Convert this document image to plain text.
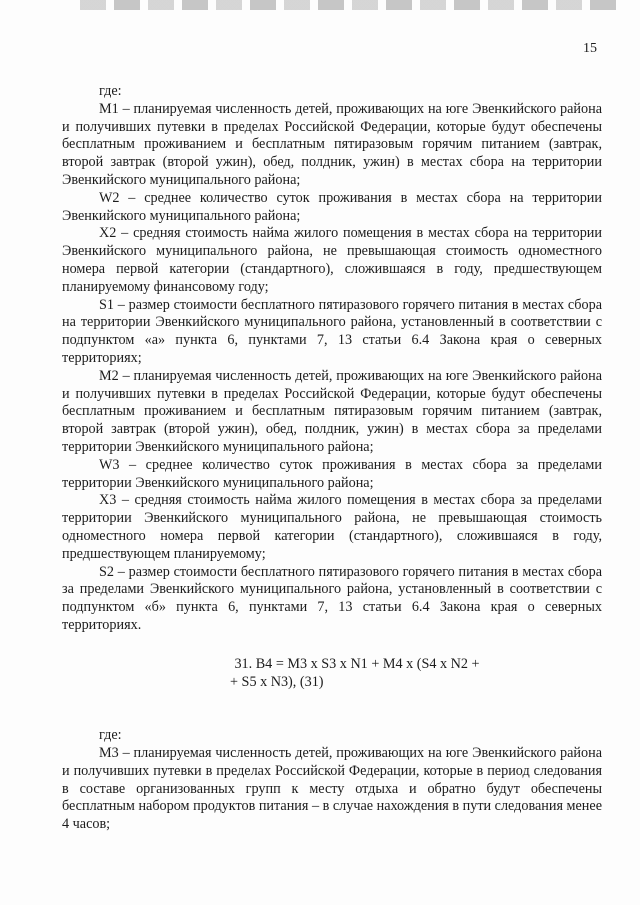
15

где:

M1 – планируемая численность детей, проживающих на юге Эвенкийского района и получивших путевки в пределах Российской Федерации, которые будут обеспечены бесплатным проживанием и бесплатным пятиразовым горячим питанием (завтрак, второй завтрак (второй ужин), обед, полдник, ужин) в местах сбора на территории Эвенкийского муниципального района;

W2 – среднее количество суток проживания в местах сбора на территории Эвенкийского муниципального района;

X2 – средняя стоимость найма жилого помещения в местах сбора на территории Эвенкийского муниципального района, не превышающая стоимость одноместного номера первой категории (стандартного), сложившаяся в году, предшествующем планируемому финансовому году;

S1 – размер стоимости бесплатного пятиразового горячего питания в местах сбора на территории Эвенкийского муниципального района, установленный в соответствии с подпунктом «а» пункта 6, пунктами 7, 13 статьи 6.4 Закона края о северных территориях;

M2 – планируемая численность детей, проживающих на юге Эвенкийского района и получивших путевки в пределах Российской Федерации, которые будут обеспечены бесплатным проживанием и бесплатным пятиразовым горячим питанием (завтрак, второй завтрак (второй ужин), обед, полдник, ужин) в местах сбора за пределами территории Эвенкийского муниципального района;

W3 – среднее количество суток проживания в местах сбора за пределами территории Эвенкийского муниципального района;

X3 – средняя стоимость найма жилого помещения в местах сбора за пределами территории Эвенкийского муниципального района, не превышающая стоимость одноместного номера первой категории (стандартного), сложившаяся в году, предшествующем планируемому;

S2 – размер стоимости бесплатного пятиразового горячего питания в местах сбора за пределами Эвенкийского муниципального района, установленный в соответствии с подпунктом «б» пункта 6, пунктами 7, 13 статьи 6.4 Закона края о северных территориях.

31. B4 = M3 x S3 x N1 + M4 x (S4 x N2 +

+ S5 x N3), (31)

где:

M3 – планируемая численность детей, проживающих на юге Эвенкийского района и получивших путевки в пределах Российской Федерации, которые в период следования в составе организованных групп к месту отдыха и обратно будут обеспечены бесплатным набором продуктов питания – в случае нахождения в пути следования менее 4 часов;
